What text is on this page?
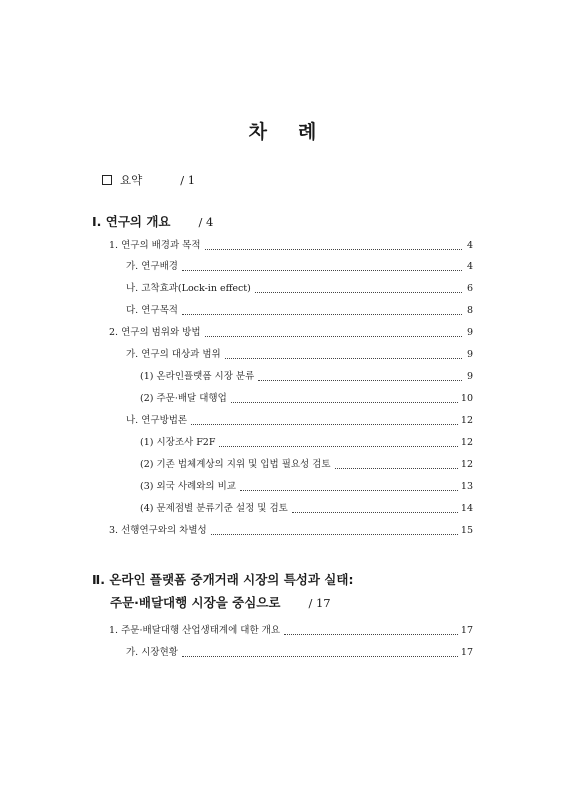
차 례
요약	/ 1
Ⅰ. 연구의 개요 / 4
1. 연구의 배경과 목적	4
가. 연구배경	4
나. 고착효과(Lock-in effect)	6
다. 연구목적	8
2. 연구의 범위와 방법	9
가. 연구의 대상과 범위	9
(1) 온라인플랫폼 시장 분류	9
(2) 주문·배달 대행업	10
나. 연구방법론	12
(1) 시장조사 F2F	12
(2) 기존 법체계상의 지위 및 입법 필요성 검토	12
(3) 외국 사례와의 비교	13
(4) 문제점별 분류기준 설정 및 검토	14
3. 선행연구와의 차별성	15
Ⅱ. 온라인 플랫폼 중개거래 시장의 특성과 실태:
주문·배달대행 시장을 중심으로 / 17
1. 주문·배달대행 산업생태계에 대한 개요	17
가. 시장현황	17
